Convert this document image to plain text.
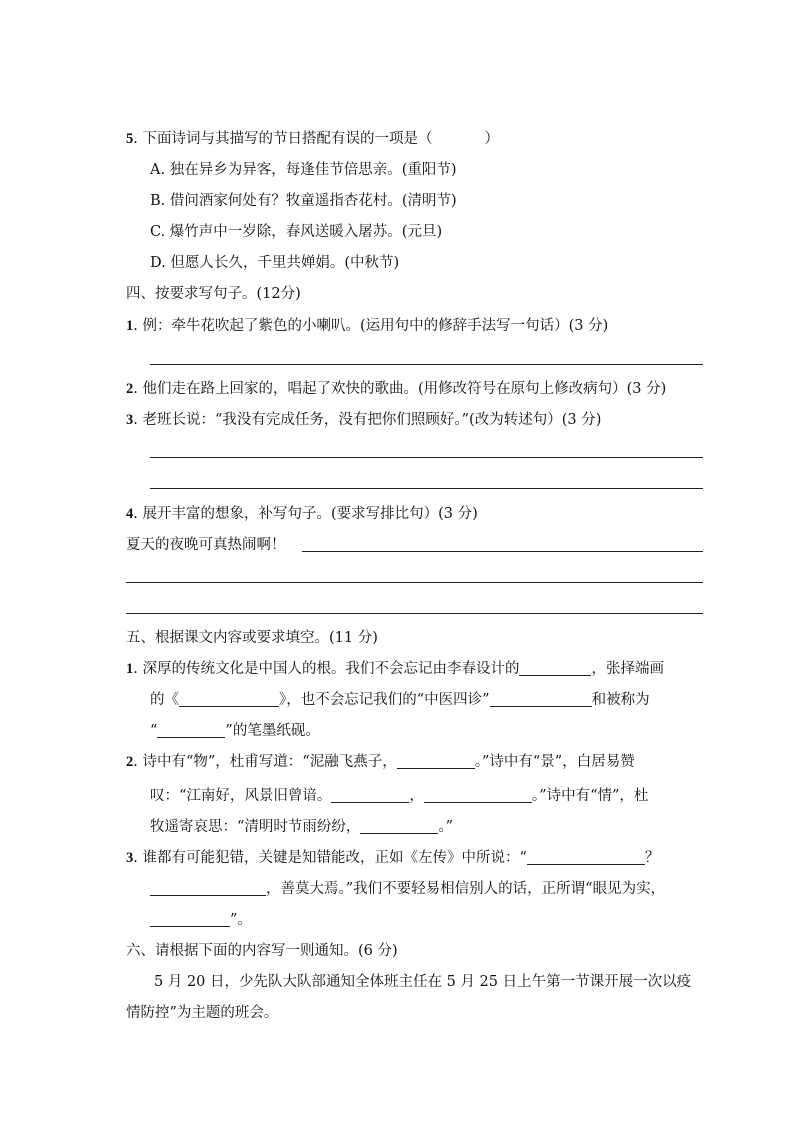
5. 下面诗词与其描写的节日搭配有误的一项是（	）
A. 独在异乡为异客，每逢佳节倍思亲。(重阳节)
B. 借问酒家何处有？牧童遥指杏花村。(清明节)
C. 爆竹声中一岁除，春风送暖入屠苏。(元旦)
D. 但愿人长久，千里共婵娟。(中秋节)
四、按要求写句子。(12分)
1. 例：牵牛花吹起了紫色的小喇叭。(运用句中的修辞手法写一句话）(3 分)
2. 他们走在路上回家的，唱起了欢快的歌曲。(用修改符号在原句上修改病句）(3 分)
3. 老班长说：“我没有完成任务，没有把你们照顾好。”(改为转述句）(3 分)
4. 展开丰富的想象，补写句子。(要求写排比句）(3 分)
夏天的夜晚可真热闹啊！
五、根据课文内容或要求填空。(11 分)
1. 深厚的传统文化是中国人的根。我们不会忘记由李春设计的	，张择端画
的《	》，也不会忘记我们的“中医四诊”	和被称为
“	”的笔墨纸砚。
2. 诗中有“物”，杜甫写道：“泥融飞燕子，	。”诗中有“景”，白居易赞
叹：“江南好，风景旧曾谙。	，	。”诗中有“情”，杜
牧遥寄哀思：“清明时节雨纷纷，	。”
3. 谁都有可能犯错，关键是知错能改，正如《左传》中所说：“	？
，善莫大焉。”我们不要轻易相信别人的话，正所谓“眼见为实，
”。
六、请根据下面的内容写一则通知。(6 分)
5 月 20 日，少先队大队部通知全体班主任在 5 月 25 日上午第一节课开展一次以疫
情防控”为主题的班会。
